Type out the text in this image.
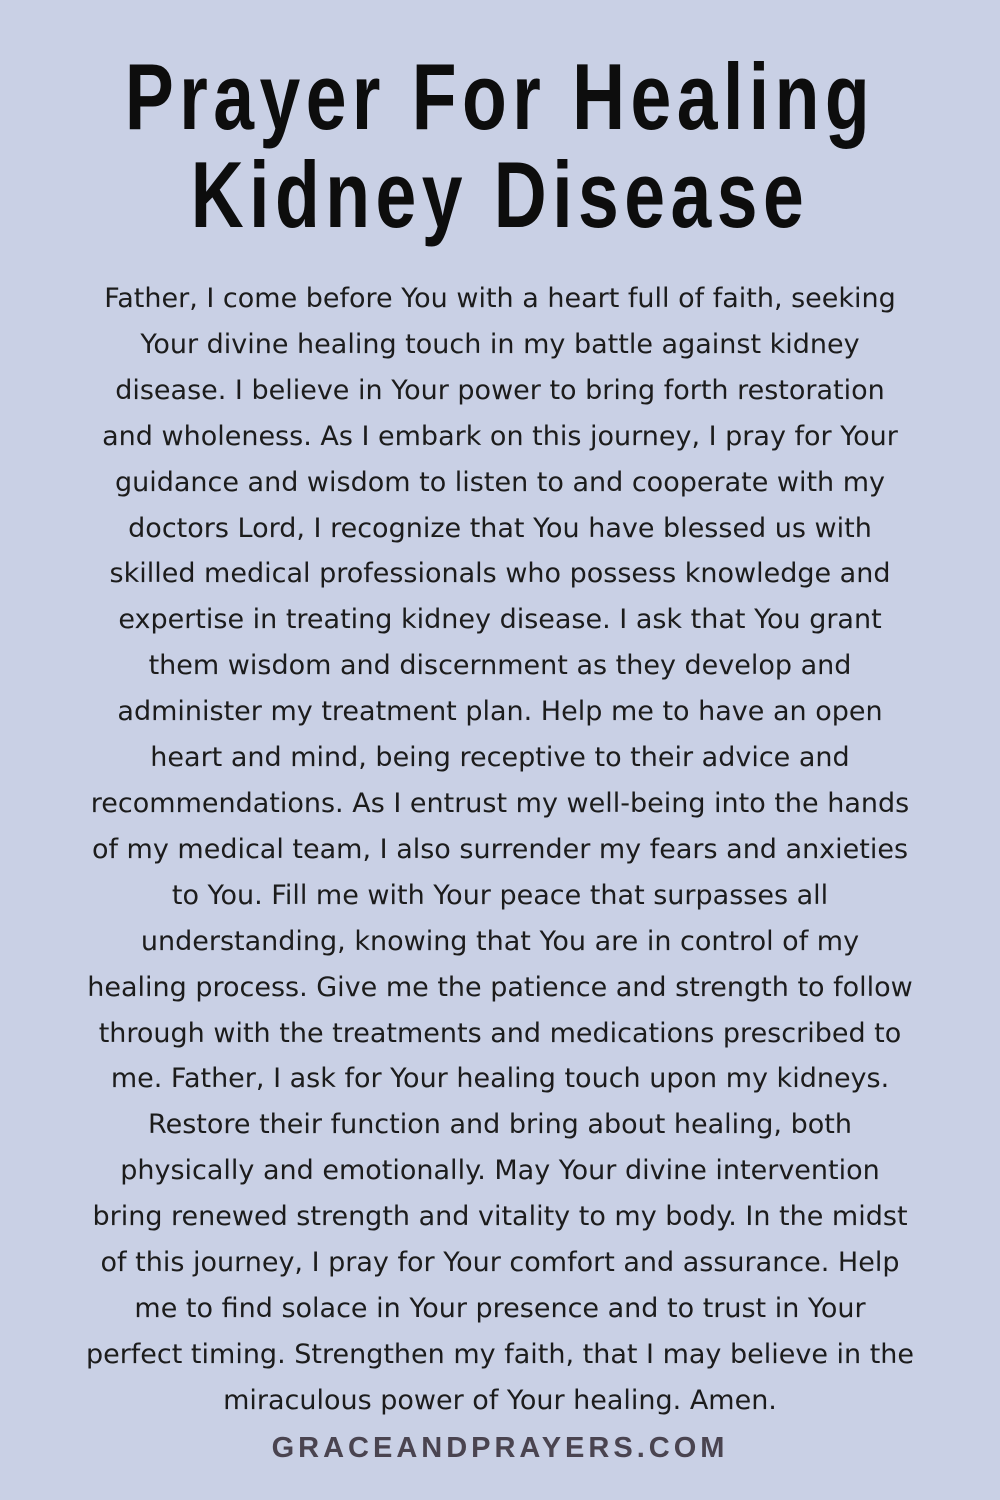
Prayer For Healing
Kidney Disease

Father, I come before You with a heart full of faith, seeking
Your divine healing touch in my battle against kidney
disease. I believe in Your power to bring forth restoration
and wholeness. As I embark on this journey, I pray for Your
guidance and wisdom to listen to and cooperate with my
doctors Lord, I recognize that You have blessed us with
skilled medical professionals who possess knowledge and
expertise in treating kidney disease. I ask that You grant
them wisdom and discernment as they develop and
administer my treatment plan. Help me to have an open
heart and mind, being receptive to their advice and
recommendations. As I entrust my well-being into the hands
of my medical team, I also surrender my fears and anxieties
to You. Fill me with Your peace that surpasses all
understanding, knowing that You are in control of my
healing process. Give me the patience and strength to follow
through with the treatments and medications prescribed to
me. Father, I ask for Your healing touch upon my kidneys.
Restore their function and bring about healing, both
physically and emotionally. May Your divine intervention
bring renewed strength and vitality to my body. In the midst
of this journey, I pray for Your comfort and assurance. Help
me to find solace in Your presence and to trust in Your
perfect timing. Strengthen my faith, that I may believe in the
miraculous power of Your healing. Amen.

GRACEANDPRAYERS.COM
